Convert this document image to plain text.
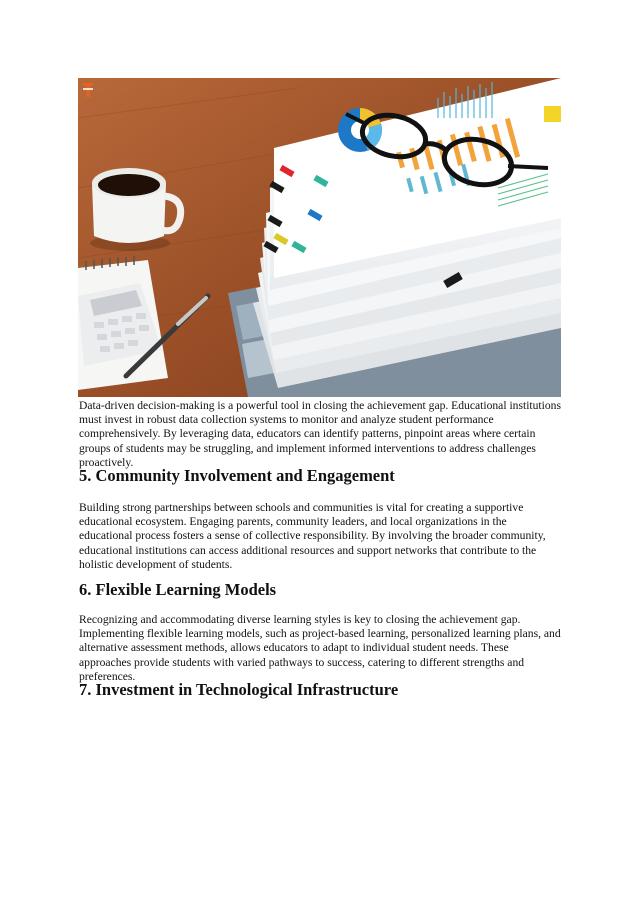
Data-driven decision-making is a powerful tool in closing the achievement gap. Educational institutions must invest in robust data collection systems to monitor and analyze student performance comprehensively. By leveraging data, educators can identify patterns, pinpoint areas where certain groups of students may be struggling, and implement informed interventions to address challenges proactively.

5. Community Involvement and Engagement

Building strong partnerships between schools and communities is vital for creating a supportive educational ecosystem. Engaging parents, community leaders, and local organizations in the educational process fosters a sense of collective responsibility. By involving the broader community, educational institutions can access additional resources and support networks that contribute to the holistic development of students.

6. Flexible Learning Models

Recognizing and accommodating diverse learning styles is key to closing the achievement gap. Implementing flexible learning models, such as project-based learning, personalized learning plans, and alternative assessment methods, allows educators to adapt to individual student needs. These approaches provide students with varied pathways to success, catering to different strengths and preferences.

7. Investment in Technological Infrastructure
